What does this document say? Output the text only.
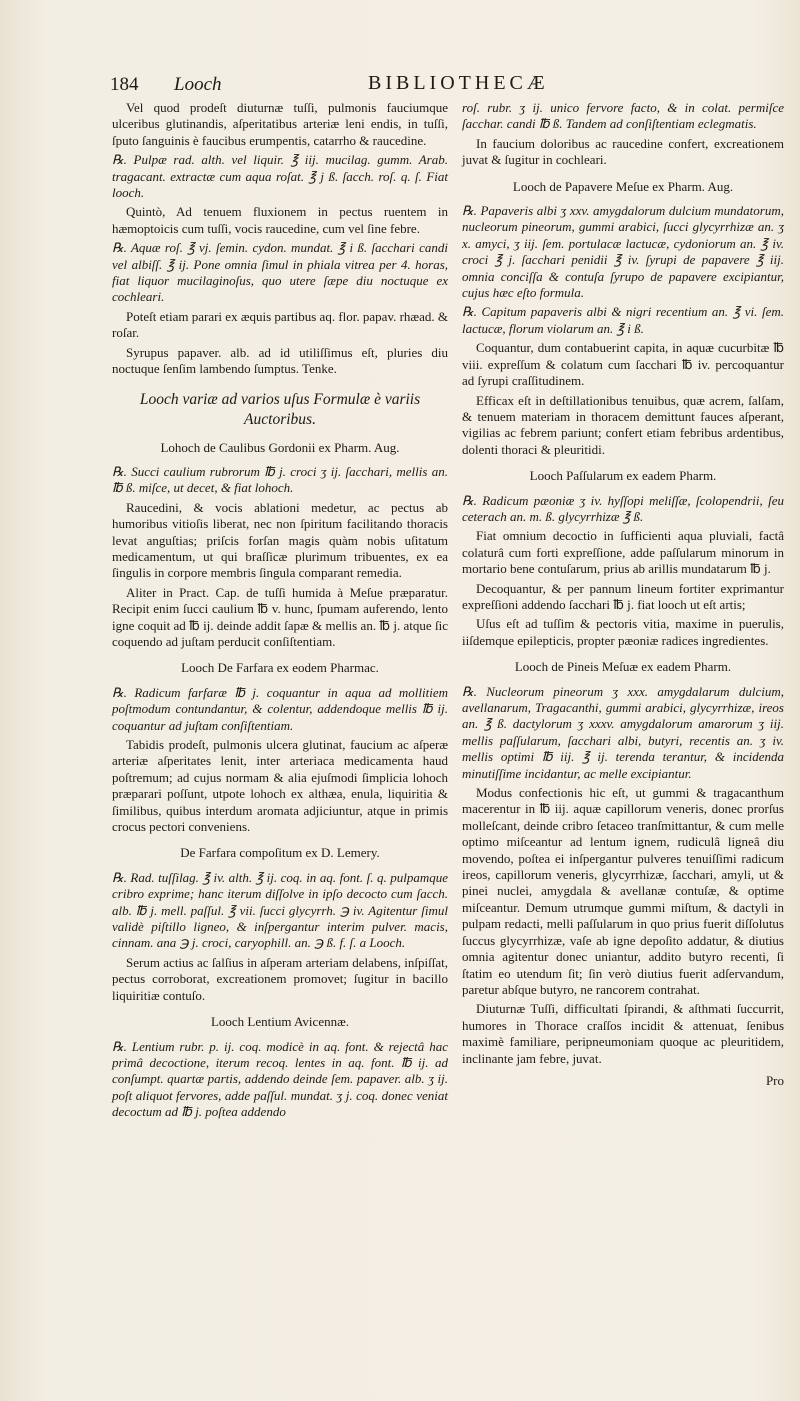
184 Looch	BIBLIOTHECÆ

Vel quod prodeſt diuturnæ tuſſi, pulmonis fauciumque ulceribus glutinandis, aſperitatibus arteriæ leni endis, in tuſſi, ſputo ſanguinis è faucibus erumpentis, catarrho & raucedine.

℞. Pulpæ rad. alth. vel liquir. ℥ iij. mucilag. gumm. Arab. tragacant. extractæ cum aqua roſat. ℥ j ß. ſacch. roſ. q. ſ. Fiat looch.

Quintò, Ad tenuem fluxionem in pectus ruentem in hæmoptoicis cum tuſſi, vocis raucedine, cum vel ſine febre.

℞. Aquæ roſ. ℥ vj. ſemin. cydon. mundat. ℥ i ß. ſacchari candi vel albiſſ. ℥ ij. Pone omnia ſimul in phiala vitrea per 4. horas, fiat liquor mucilaginoſus, quo utere ſæpe diu noctuque ex cochleari.

Poteſt etiam parari ex æquis partibus aq. flor. papav. rhæad. & roſar.

Syrupus papaver. alb. ad id utiliſſimus eſt, pluries diu noctuque ſenſim lambendo ſumptus. Tenke.

Looch variæ ad varios uſus Formulæ è variis Auctoribus.
Lohoch de Caulibus Gordonii ex Pharm. Aug.

℞. Succi caulium rubrorum ℔ j. croci ʒ ij. ſacchari, mellis an. ℔ ß. miſce, ut decet, & fiat lohoch.

Raucedini, & vocis ablationi medetur, ac pectus ab humoribus vitioſis liberat, nec non ſpiritum facilitando thoracis levat anguſtias; priſcis forſan magis quàm nobis uſitatum medicamentum, ut qui braſſicæ plurimum tribuentes, ex ea ſingulis in corpore membris ſingula comparant remedia.

Aliter in Pract. Cap. de tuſſi humida à Meſue præparatur. Recipit enim ſucci caulium ℔ v. hunc, ſpumam auferendo, lento igne coquit ad ℔ ij. deinde addit ſapæ & mellis an. ℔ j. atque ſic coquendo ad juſtam perducit conſiſtentiam.

Looch De Farfara ex eodem Pharmac.

℞. Radicum farfaræ ℔ j. coquantur in aqua ad mollitiem poſtmodum contundantur, & colentur, addendoque mellis ℔ ij. coquantur ad juſtam conſiſtentiam.

Tabidis prodeſt, pulmonis ulcera glutinat, faucium ac aſperæ arteriæ aſperitates lenit, inter arteriaca medicamenta haud poſtremum; ad cujus normam & alia ejuſmodi ſimplicia lohoch præparari poſſunt, utpote lohoch ex althæa, enula, liquiritia & ſimilibus, quibus interdum aromata adjiciuntur, atque in primis crocus pectori conveniens.

De Farfara compoſitum ex D. Lemery.

℞. Rad. tuſſilag. ℥ iv. alth. ℥ ij. coq. in aq. font. ſ. q. pulpamque cribro exprime; hanc iterum diſſolve in ipſo decocto cum ſacch. alb. ℔ j. mell. paſſul. ℥ vii. ſucci glycyrrh. ℈ iv. Agitentur ſimul validè piſtillo ligneo, & inſpergantur interim pulver. macis, cinnam. ana ℈ j. croci, caryophill. an. ℈ ß. f. ſ. a Looch.

Serum actius ac ſalſius in aſperam arteriam delabens, inſpiſſat, pectus corroborat, excreationem promovet; ſugitur in bacillo liquiritiæ contuſo.

Looch Lentium Avicennæ.

℞. Lentium rubr. p. ij. coq. modicè in aq. font. & rejectâ hac primâ decoctione, iterum recoq. lentes in aq. font. ℔ ij. ad conſumpt. quartæ partis, addendo deinde ſem. papaver. alb. ʒ ij. poſt aliquot fervores, adde paſſul. mundat. ʒ j. coq. donec veniat decoctum ad ℔ j. poſtea addendo

roſ. rubr. ʒ ij. unico fervore facto, & in colat. permiſce ſacchar. candi ℔ ß. Tandem ad conſiſtentiam eclegmatis.

In faucium doloribus ac raucedine confert, excreationem juvat & ſugitur in cochleari.

Looch de Papavere Meſue ex Pharm. Aug.

℞. Papaveris albi ʒ xxv. amygdalorum dulcium mundatorum, nucleorum pineorum, gummi arabici, ſucci glycyrrhizæ an. ʒ x. amyci, ʒ iij. ſem. portulacæ lactucæ, cydoniorum an. ℥ iv. croci ℥ j. ſacchari penidii ℥ iv. ſyrupi de papavere ℥ iij. omnia conciſſa & contuſa ſyrupo de papavere excipiantur, cujus hæc eſto formula.

℞. Capitum papaveris albi & nigri recentium an. ℥ vi. ſem. lactucæ, florum violarum an. ℥ i ß.

Coquantur, dum contabuerint capita, in aquæ cucurbitæ ℔ viii. expreſſum & colatum cum ſacchari ℔ iv. percoquantur ad ſyrupi craſſitudinem.

Efficax eſt in deſtillationibus tenuibus, quæ acrem, ſalſam, & tenuem materiam in thoracem demittunt fauces aſperant, vigilias ac febrem pariunt; confert etiam febribus ardentibus, dolenti thoraci & pleuritidi.

Looch Paſſularum ex eadem Pharm.

℞. Radicum pæoniæ ʒ iv. hyſſopi meliſſæ, ſcolopendrii, ſeu ceterach an. m. ß. glycyrrhizæ ℥ ß.

Fiat omnium decoctio in ſufficienti aqua pluviali, factâ colaturâ cum forti expreſſione, adde paſſularum minorum in mortario bene contuſarum, prius ab arillis mundatarum ℔ j.

Decoquantur, & per pannum lineum fortiter exprimantur expreſſioni addendo ſacchari ℔ j. fiat looch ut eſt artis;

Uſus eſt ad tuſſim & pectoris vitia, maxime in puerulis, iiſdemque epilepticis, propter pæoniæ radices ingredientes.

Looch de Pineis Meſuæ ex eadem Pharm.

℞. Nucleorum pineorum ʒ xxx. amygdalarum dulcium, avellanarum, Tragacanthi, gummi arabici, glycyrrhizæ, ireos an. ℥ ß. dactylorum ʒ xxxv. amygdalorum amarorum ʒ iij. mellis paſſularum, ſacchari albi, butyri, recentis an. ʒ iv. mellis optimi ℔ iij. ℥ ij. terenda terantur, & incidenda minutiſſime incidantur, ac melle excipiantur.

Modus confectionis hic eſt, ut gummi & tragacanthum macerentur in ℔ iij. aquæ capillorum veneris, donec prorſus molleſcant, deinde cribro ſetaceo tranſmittantur, & cum melle optimo miſceantur ad lentum ignem, rudiculâ ligneâ diu movendo, poſtea ei inſpergantur pulveres tenuiſſimi radicum ireos, capillorum veneris, glycyrrhizæ, ſacchari, amyli, ut & pinei nuclei, amygdala & avellanæ contuſæ, & optime miſceantur. Demum utrumque gummi miſtum, & dactyli in pulpam redacti, melli paſſularum in quo prius fuerit diſſolutus ſuccus glycyrrhizæ, vaſe ab igne depoſito addatur, & diutius omnia agitentur donec uniantur, addito butyro recenti, ſi ſtatim eo utendum ſit; ſin verò diutius fuerit adſervandum, paretur abſque butyro, ne rancorem contrahat.

Diuturnæ Tuſſi, difficultati ſpirandi, & aſthmati ſuccurrit, humores in Thorace craſſos incidit & attenuat, ſenibus maximè familiare, peripneumoniam quoque ac pleuritidem, inclinante jam febre, juvat.

Pro
